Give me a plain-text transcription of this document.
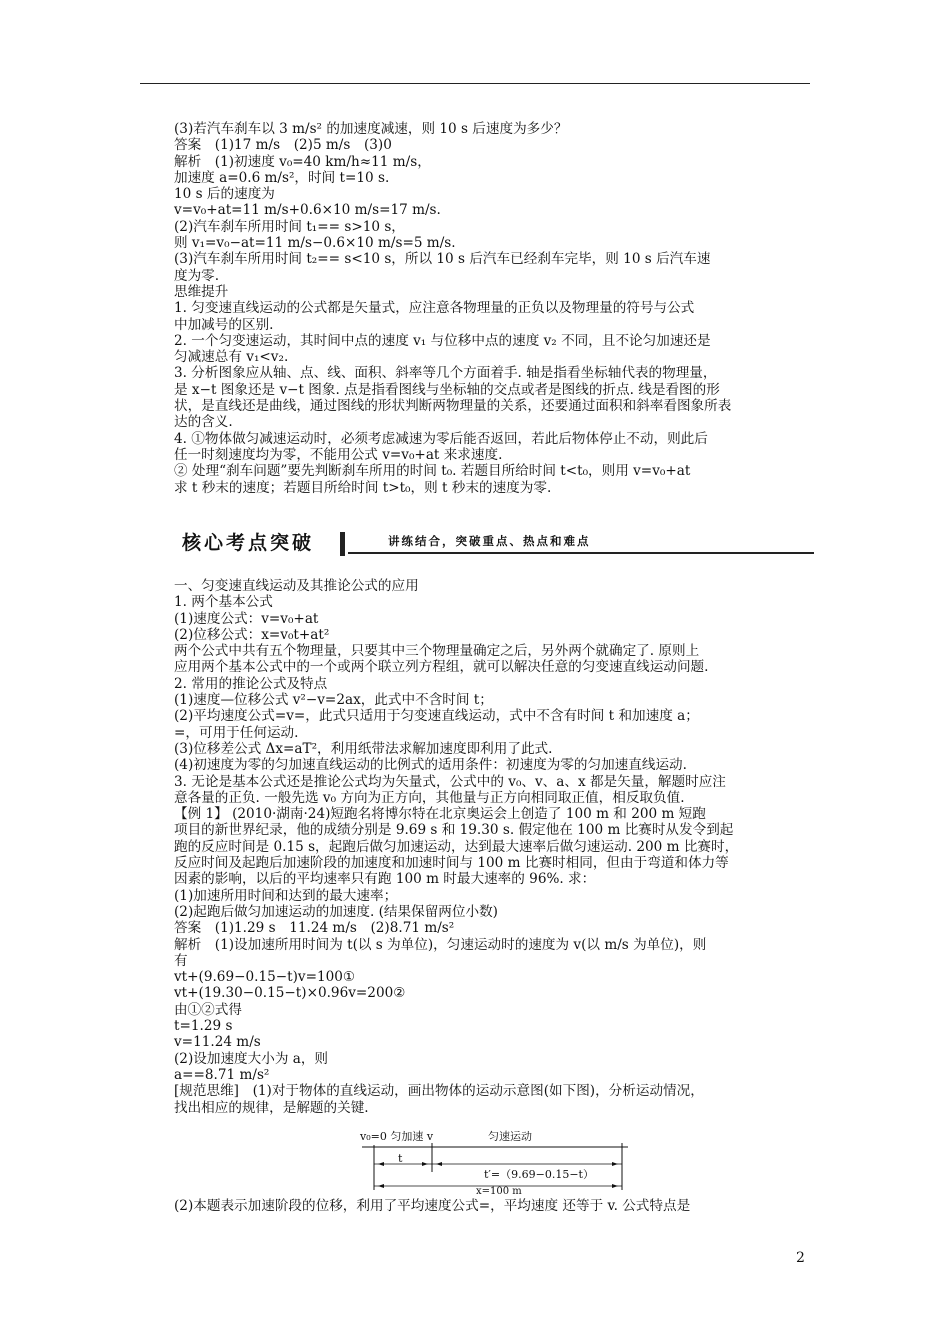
(3)若汽车刹车以 3 m/s² 的加速度减速，则 10 s 后速度为多少？

答案　(1)17 m/s　(2)5 m/s　(3)0

解析　(1)初速度 v₀=40 km/h≈11 m/s，

加速度 a=0.6 m/s²，时间 t=10 s.

10 s 后的速度为

v=v₀+at=11 m/s+0.6×10 m/s=17 m/s.

(2)汽车刹车所用时间 t₁== s>10 s，

则 v₁=v₀−at=11 m/s−0.6×10 m/s=5 m/s.

(3)汽车刹车所用时间 t₂== s<10 s，所以 10 s 后汽车已经刹车完毕，则 10 s 后汽车速

度为零.

思维提升

1. 匀变速直线运动的公式都是矢量式，应注意各物理量的正负以及物理量的符号与公式

中加减号的区别.

2. 一个匀变速运动，其时间中点的速度 v₁ 与位移中点的速度 v₂ 不同，且不论匀加速还是

匀减速总有 v₁<v₂.

3. 分析图象应从轴、点、线、面积、斜率等几个方面着手. 轴是指看坐标轴代表的物理量，

是 x−t 图象还是 v−t 图象. 点是指看图线与坐标轴的交点或者是图线的折点. 线是看图的形

状，是直线还是曲线，通过图线的形状判断两物理量的关系，还要通过面积和斜率看图象所表

达的含义.

4. ①物体做匀减速运动时，必须考虑减速为零后能否返回，若此后物体停止不动，则此后

任一时刻速度均为零，不能用公式 v=v₀+at 来求速度.

② 处理“刹车问题”要先判断刹车所用的时间 t₀. 若题目所给时间 t<t₀，则用 v=v₀+at

求 t 秒末的速度；若题目所给时间 t>t₀，则 t 秒末的速度为零.

核心考点突破	讲练结合，突破重点、热点和难点

一、匀变速直线运动及其推论公式的应用

1. 两个基本公式

(1)速度公式：v=v₀+at

(2)位移公式：x=v₀t+at²

两个公式中共有五个物理量，只要其中三个物理量确定之后，另外两个就确定了. 原则上

应用两个基本公式中的一个或两个联立列方程组，就可以解决任意的匀变速直线运动问题.

2. 常用的推论公式及特点

(1)速度—位移公式 v²−v=2ax，此式中不含时间 t；

(2)平均速度公式=v=，此式只适用于匀变速直线运动，式中不含有时间 t 和加速度 a；

=，可用于任何运动.

(3)位移差公式 Δx=aT²，利用纸带法求解加速度即利用了此式.

(4)初速度为零的匀加速直线运动的比例式的适用条件：初速度为零的匀加速直线运动.

3. 无论是基本公式还是推论公式均为矢量式，公式中的 v₀、v、a、x 都是矢量，解题时应注

意各量的正负. 一般先选 v₀ 方向为正方向，其他量与正方向相同取正值，相反取负值.

【例 1】 (2010·湖南·24)短跑名将博尔特在北京奥运会上创造了 100 m 和 200 m 短跑

项目的新世界纪录，他的成绩分别是 9.69 s 和 19.30 s. 假定他在 100 m 比赛时从发令到起

跑的反应时间是 0.15 s，起跑后做匀加速运动，达到最大速率后做匀速运动. 200 m 比赛时，

反应时间及起跑后加速阶段的加速度和加速时间与 100 m 比赛时相同，但由于弯道和体力等

因素的影响，以后的平均速率只有跑 100 m 时最大速率的 96%. 求：

(1)加速所用时间和达到的最大速率；

(2)起跑后做匀加速运动的加速度. (结果保留两位小数)

答案　(1)1.29 s　11.24 m/s　(2)8.71 m/s²

解析　(1)设加速所用时间为 t(以 s 为单位)，匀速运动时的速度为 v(以 m/s 为单位)，则

有

vt+(9.69−0.15−t)v=100①

vt+(19.30−0.15−t)×0.96v=200②

由①②式得

t=1.29 s

v=11.24 m/s

(2)设加速度大小为 a，则

a==8.71 m/s²

[规范思维]　(1)对于物体的直线运动，画出物体的运动示意图(如下图)，分析运动情况，

找出相应的规律，是解题的关键.

v₀=0 匀加速 v	匀速运动
t
t′=（9.69−0.15−t）
x=100 m

(2)本题表示加速阶段的位移，利用了平均速度公式=，平均速度 还等于 v. 公式特点是

2
